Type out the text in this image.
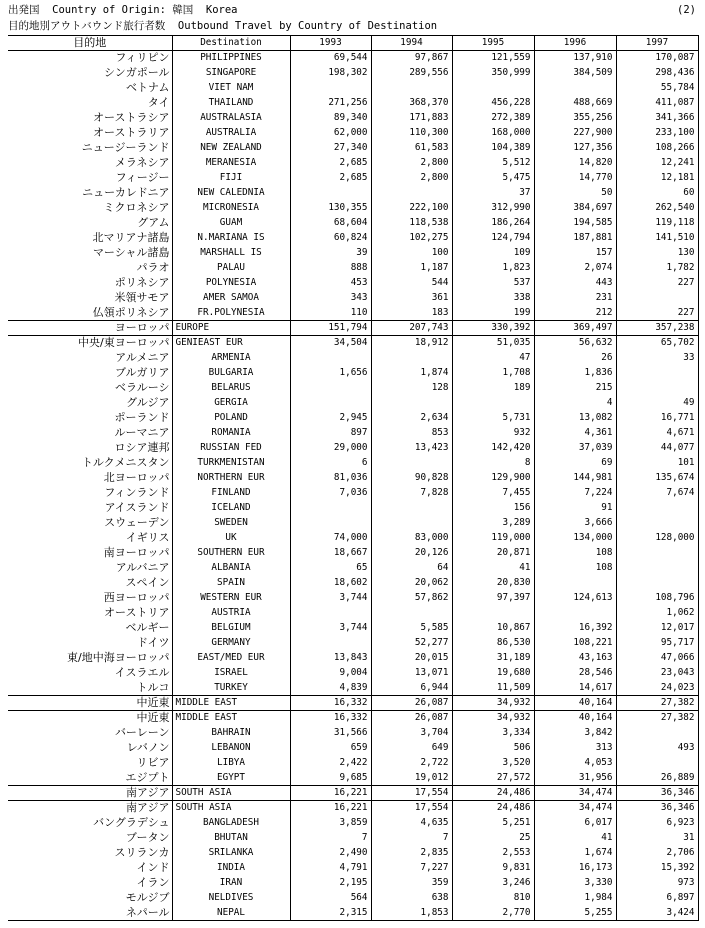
出発国  Country of Origin: 韓国  Korea	(2)
目的地別アウトバウンド旅行者数  Outbound Travel by Country of Destination
目的地	Destination	1993	1994	1995	1996	1997
フィリピン	PHILIPPINES	69,544	97,867	121,559	137,910	170,087
シンガポール	SINGAPORE	198,302	289,556	350,999	384,509	298,436
ベトナム	VIET NAM					55,784
タイ	THAILAND	271,256	368,370	456,228	488,669	411,087
オーストラシア	AUSTRALASIA	89,340	171,883	272,389	355,256	341,366
オーストラリア	AUSTRALIA	62,000	110,300	168,000	227,900	233,100
ニュージーランド	NEW ZEALAND	27,340	61,583	104,389	127,356	108,266
メラネシア	MERANESIA	2,685	2,800	5,512	14,820	12,241
フィージー	FIJI	2,685	2,800	5,475	14,770	12,181
ニューカレドニア	NEW CALEDNIA			37	50	60
ミクロネシア	MICRONESIA	130,355	222,100	312,990	384,697	262,540
グアム	GUAM	68,604	118,538	186,264	194,585	119,118
北マリアナ諸島	N.MARIANA IS	60,824	102,275	124,794	187,881	141,510
マーシャル諸島	MARSHALL IS	39	100	109	157	130
パラオ	PALAU	888	1,187	1,823	2,074	1,782
ポリネシア	POLYNESIA	453	544	537	443	227
米領サモア	AMER SAMOA	343	361	338	231	
仏領ポリネシア	FR.POLYNESIA	110	183	199	212	227
ヨーロッパ	EUROPE	151,794	207,743	330,392	369,497	357,238
中央/東ヨーロッパ	GENIEAST EUR	34,504	18,912	51,035	56,632	65,702
アルメニア	ARMENIA			47	26	33
ブルガリア	BULGARIA	1,656	1,874	1,708	1,836	
ベラルーシ	BELARUS		128	189	215	
グルジア	GERGIA				4	49
ポーランド	POLAND	2,945	2,634	5,731	13,082	16,771
ルーマニア	ROMANIA	897	853	932	4,361	4,671
ロシア連邦	RUSSIAN FED	29,000	13,423	142,420	37,039	44,077
トルクメニスタン	TURKMENISTAN	6		8	69	101
北ヨーロッパ	NORTHERN EUR	81,036	90,828	129,900	144,981	135,674
フィンランド	FINLAND	7,036	7,828	7,455	7,224	7,674
アイスランド	ICELAND			156	91	
スウェーデン	SWEDEN			3,289	3,666	
イギリス	UK	74,000	83,000	119,000	134,000	128,000
南ヨーロッパ	SOUTHERN EUR	18,667	20,126	20,871	108	
アルバニア	ALBANIA	65	64	41	108	
スペイン	SPAIN	18,602	20,062	20,830		
西ヨーロッパ	WESTERN EUR	3,744	57,862	97,397	124,613	108,796
オーストリア	AUSTRIA					1,062
ベルギー	BELGIUM	3,744	5,585	10,867	16,392	12,017
ドイツ	GERMANY		52,277	86,530	108,221	95,717
東/地中海ヨーロッパ	EAST/MED EUR	13,843	20,015	31,189	43,163	47,066
イスラエル	ISRAEL	9,004	13,071	19,680	28,546	23,043
トルコ	TURKEY	4,839	6,944	11,509	14,617	24,023
中近東	MIDDLE EAST	16,332	26,087	34,932	40,164	27,382
中近東	MIDDLE EAST	16,332	26,087	34,932	40,164	27,382
バーレーン	BAHRAIN	31,566	3,704	3,334	3,842	
レバノン	LEBANON	659	649	506	313	493
リビア	LIBYA	2,422	2,722	3,520	4,053	
エジプト	EGYPT	9,685	19,012	27,572	31,956	26,889
南アジア	SOUTH ASIA	16,221	17,554	24,486	34,474	36,346
南アジア	SOUTH ASIA	16,221	17,554	24,486	34,474	36,346
バングラデシュ	BANGLADESH	3,859	4,635	5,251	6,017	6,923
ブータン	BHUTAN	7	7	25	41	31
スリランカ	SRILANKA	2,490	2,835	2,553	1,674	2,706
インド	INDIA	4,791	7,227	9,831	16,173	15,392
イラン	IRAN	2,195	359	3,246	3,330	973
モルジブ	NELDIVES	564	638	810	1,984	6,897
ネパール	NEPAL	2,315	1,853	2,770	5,255	3,424
